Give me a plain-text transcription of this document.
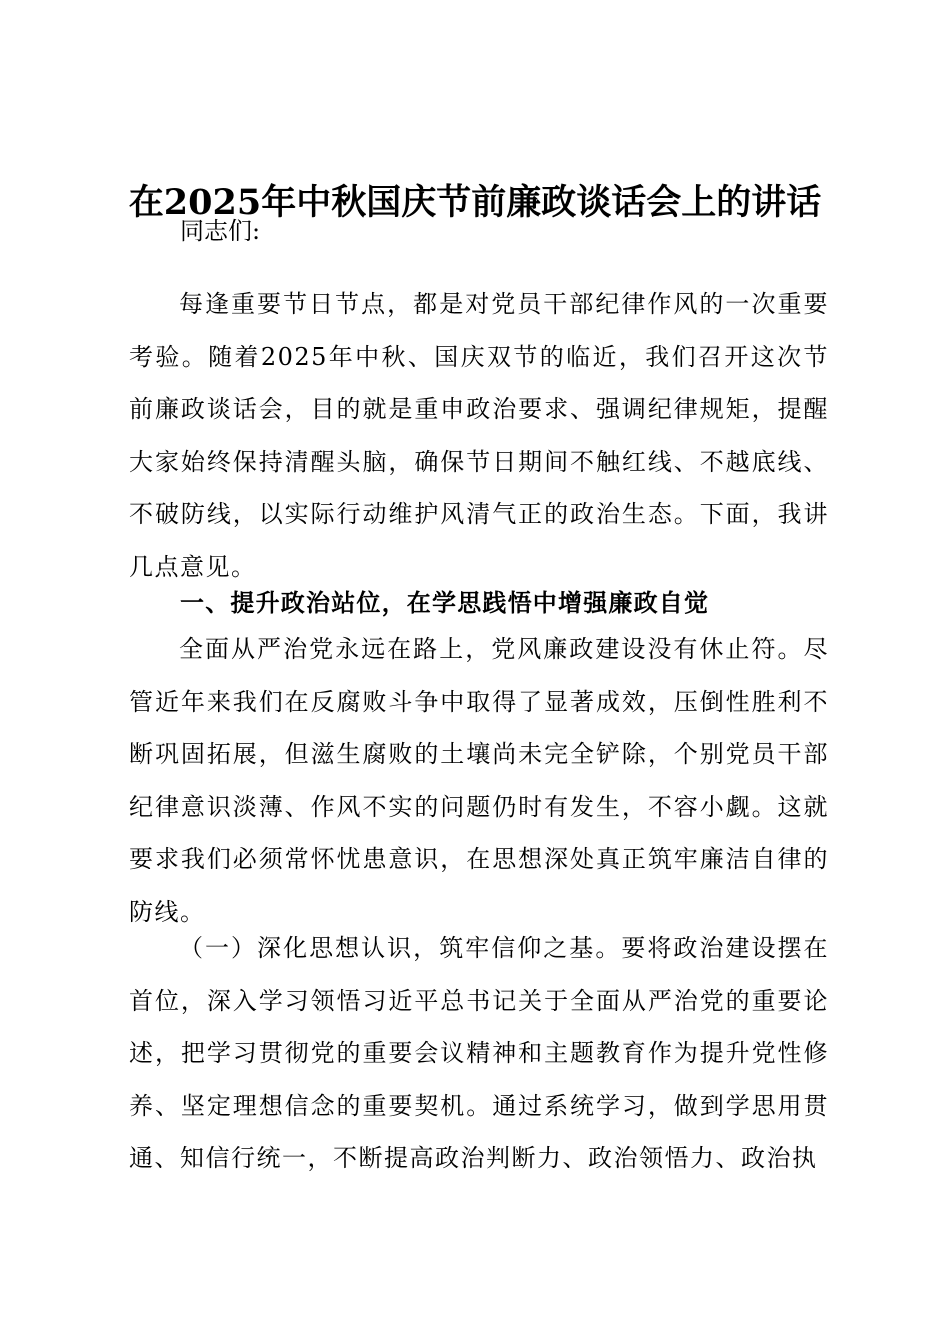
在2025年中秋国庆节前廉政谈话会上的讲话
同志们:

每逢重要节日节点，都是对党员干部纪律作风的一次重要考验。随着2025年中秋、国庆双节的临近，我们召开这次节前廉政谈话会，目的就是重申政治要求、强调纪律规矩，提醒大家始终保持清醒头脑，确保节日期间不触红线、不越底线、不破防线，以实际行动维护风清气正的政治生态。下面，我讲几点意见。

一、提升政治站位，在学思践悟中增强廉政自觉

全面从严治党永远在路上，党风廉政建设没有休止符。尽管近年来我们在反腐败斗争中取得了显著成效，压倒性胜利不断巩固拓展，但滋生腐败的土壤尚未完全铲除，个别党员干部纪律意识淡薄、作风不实的问题仍时有发生，不容小觑。这就要求我们必须常怀忧患意识，在思想深处真正筑牢廉洁自律的防线。

（一）深化思想认识，筑牢信仰之基。要将政治建设摆在首位，深入学习领悟习近平总书记关于全面从严治党的重要论述，把学习贯彻党的重要会议精神和主题教育作为提升党性修养、坚定理想信念的重要契机。通过系统学习，做到学思用贯通、知信行统一，不断提高政治判断力、政治领悟力、政治执
